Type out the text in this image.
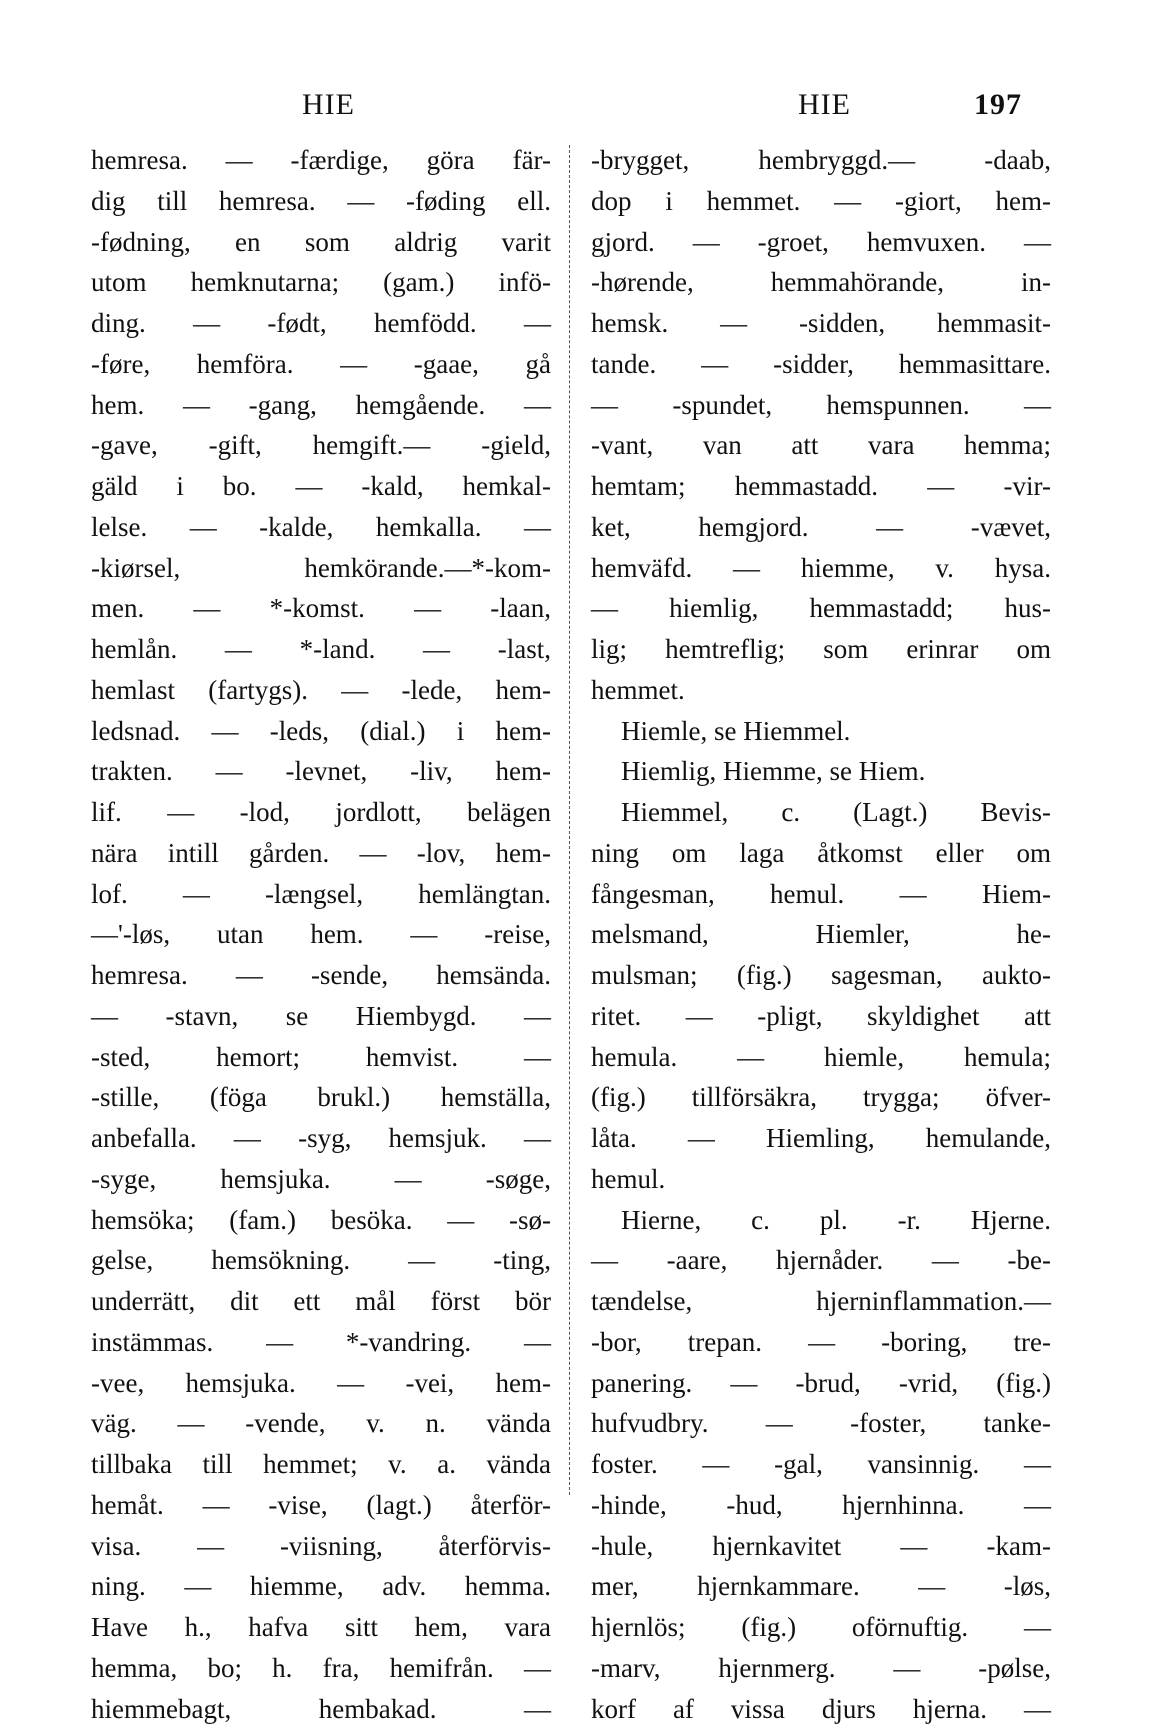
HIE	HIE	197
hemresa. — -færdige, göra fär-
dig till hemresa. — -føding ell.
-fødning, en som aldrig varit
utom hemknutarna; (gam.) infö-
ding. — -født, hemfödd. —
-føre, hemföra. — -gaae, gå
hem. — -gang, hemgående. —
-gave, -gift, hemgift.— -gield,
gäld i bo. — -kald, hemkal-
lelse. — -kalde, hemkalla. —
-kiørsel, hemkörande.—*-kom-
men. — *-komst. — -laan,
hemlån. — *-land. — -last,
hemlast (fartygs). — -lede, hem-
ledsnad. — -leds, (dial.) i hem-
trakten. — -levnet, -liv, hem-
lif. — -lod, jordlott, belägen
nära intill gården. — -lov, hem-
lof. — -længsel, hemlängtan.
—'-løs, utan hem. — -reise,
hemresa. — -sende, hemsända.
— -stavn, se Hiembygd. —
-sted, hemort; hemvist. —
-stille, (föga brukl.) hemställa,
anbefalla. — -syg, hemsjuk. —
-syge, hemsjuka. — -søge,
hemsöka; (fam.) besöka. — -sø-
gelse, hemsökning. — -ting,
underrätt, dit ett mål först bör
instämmas. — *-vandring. —
-vee, hemsjuka. — -vei, hem-
väg. — -vende, v. n. vända
tillbaka till hemmet; v. a. vända
hemåt. — -vise, (lagt.) återför-
visa. — -viisning, återförvis-
ning. — hiemme, adv. hemma.
Have h., hafva sitt hem, vara
hemma, bo; h. fra, hemifrån. —
hiemmebagt, hembakad. —
-brygget, hembryggd.— -daab,
dop i hemmet. — -giort, hem-
gjord. — -groet, hemvuxen. —
-hørende, hemmahörande, in-
hemsk. — -sidden, hemmasit-
tande. — -sidder, hemmasittare.
— -spundet, hemspunnen. —
-vant, van att vara hemma;
hemtam; hemmastadd. — -vir-
ket, hemgjord. — -vævet,
hemväfd. — hiemme, v. hysa.
— hiemlig, hemmastadd; hus-
lig; hemtreflig; som erinrar om
hemmet.
Hiemle, se Hiemmel.
Hiemlig, Hiemme, se Hiem.
Hiemmel, c. (Lagt.) Bevis-
ning om laga åtkomst eller om
fångesman, hemul. — Hiem-
melsmand, Hiemler, he-
mulsman; (fig.) sagesman, aukto-
ritet. — -pligt, skyldighet att
hemula. — hiemle, hemula;
(fig.) tillförsäkra, trygga; öfver-
låta. — Hiemling, hemulande,
hemul.
Hierne, c. pl. -r. Hjerne.
— -aare, hjernåder. — -be-
tændelse, hjerninflammation.—
-bor, trepan. — -boring, tre-
panering. — -brud, -vrid, (fig.)
hufvudbry. — -foster, tanke-
foster. — -gal, vansinnig. —
-hinde, -hud, hjernhinna. —
-hule, hjernkavitet — -kam-
mer, hjernkammare. — -løs,
hjernlös; (fig.) oförnuftig. —
-marv, hjernmerg. — -pølse,
korf af vissa djurs hjerna. —
